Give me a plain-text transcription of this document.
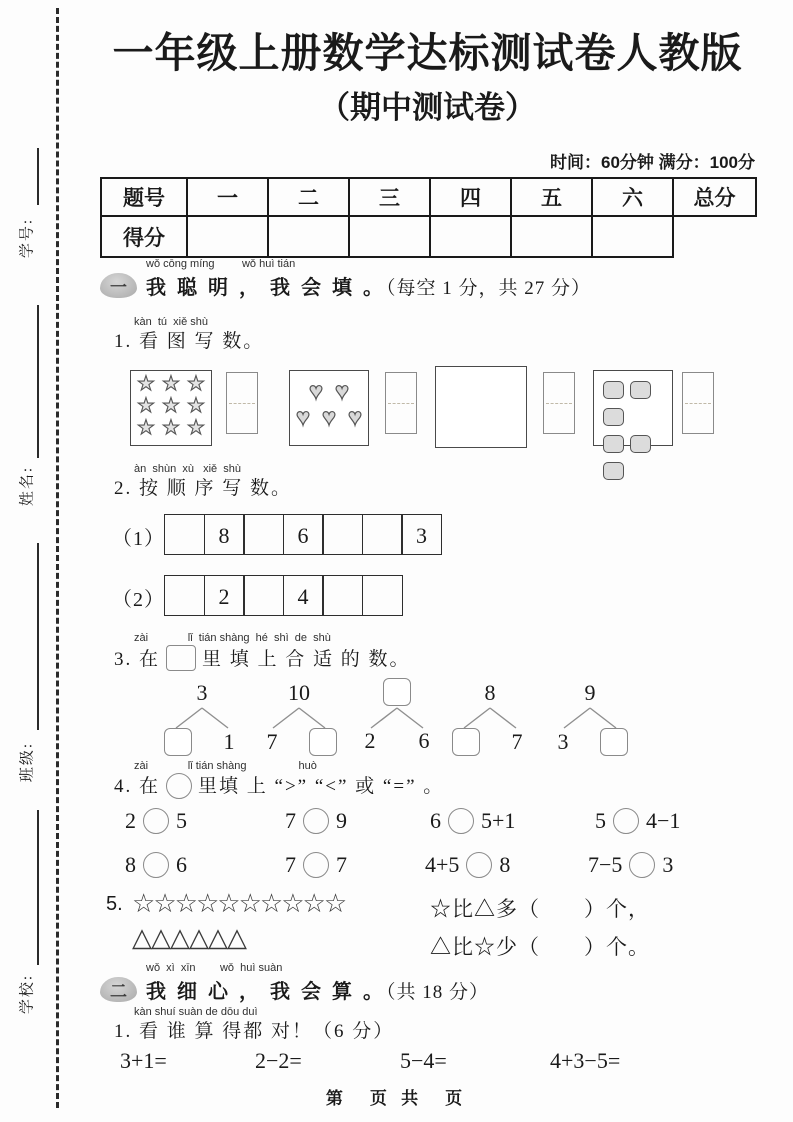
学号:
姓名:
班级:
学校:
一年级上册数学达标测试卷人教版
（期中测试卷）
时间：60分钟 满分：100分
题号	一	二	三	四	五	六	总分
得分							
一
wǒ cōng míng         wǒ huì tián
我 聪 明 ， 我 会 填 。（每空 1 分，共 27 分）
kàn  tú  xiě shù
1. 看 图 写 数。
★ ★ ★
★ ★ ★
★ ★ ★
♥ ♥
♥ ♥ ♥
àn  shùn  xù   xiě  shù
2. 按 顺 序 写 数。
（1）	8	6	3
（2）	2	4
zài             lǐ  tián shàng  hé  shì  de  shù
3. 在 里 填 上 合 适 的 数。
3
1
10
7	2 6
8
7
9
3
zài             lǐ tián shàng                 huò
4. 在 里填 上 “>” “<” 或 “=” 。
2 5	7 9	6 5+1	5 4−1
8 6	7 7	4+5 8	7−5 3
5. ☆☆☆☆☆☆☆☆☆☆
△△△△△△
☆比△多（　　）个，
△比☆少（　　）个。
二
wǒ  xì  xīn        wǒ  huì suàn
我 细 心 ， 我 会 算 。（共 18 分）
kàn shuí suàn de dōu duì
1. 看 谁 算 得都 对！（6 分）
3+1=	2−2=	5−4=	4+3−5=
第　页 共　页
